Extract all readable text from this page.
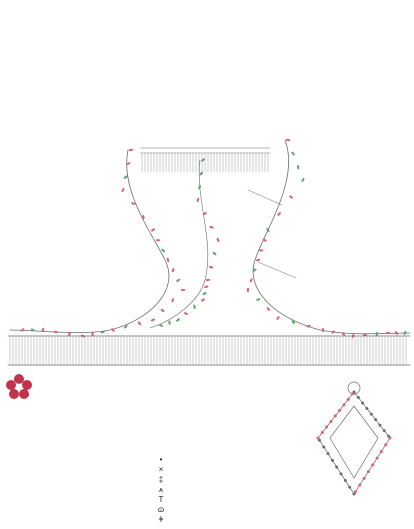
•
×
‡
⩚
T
ɷ
ǂ
